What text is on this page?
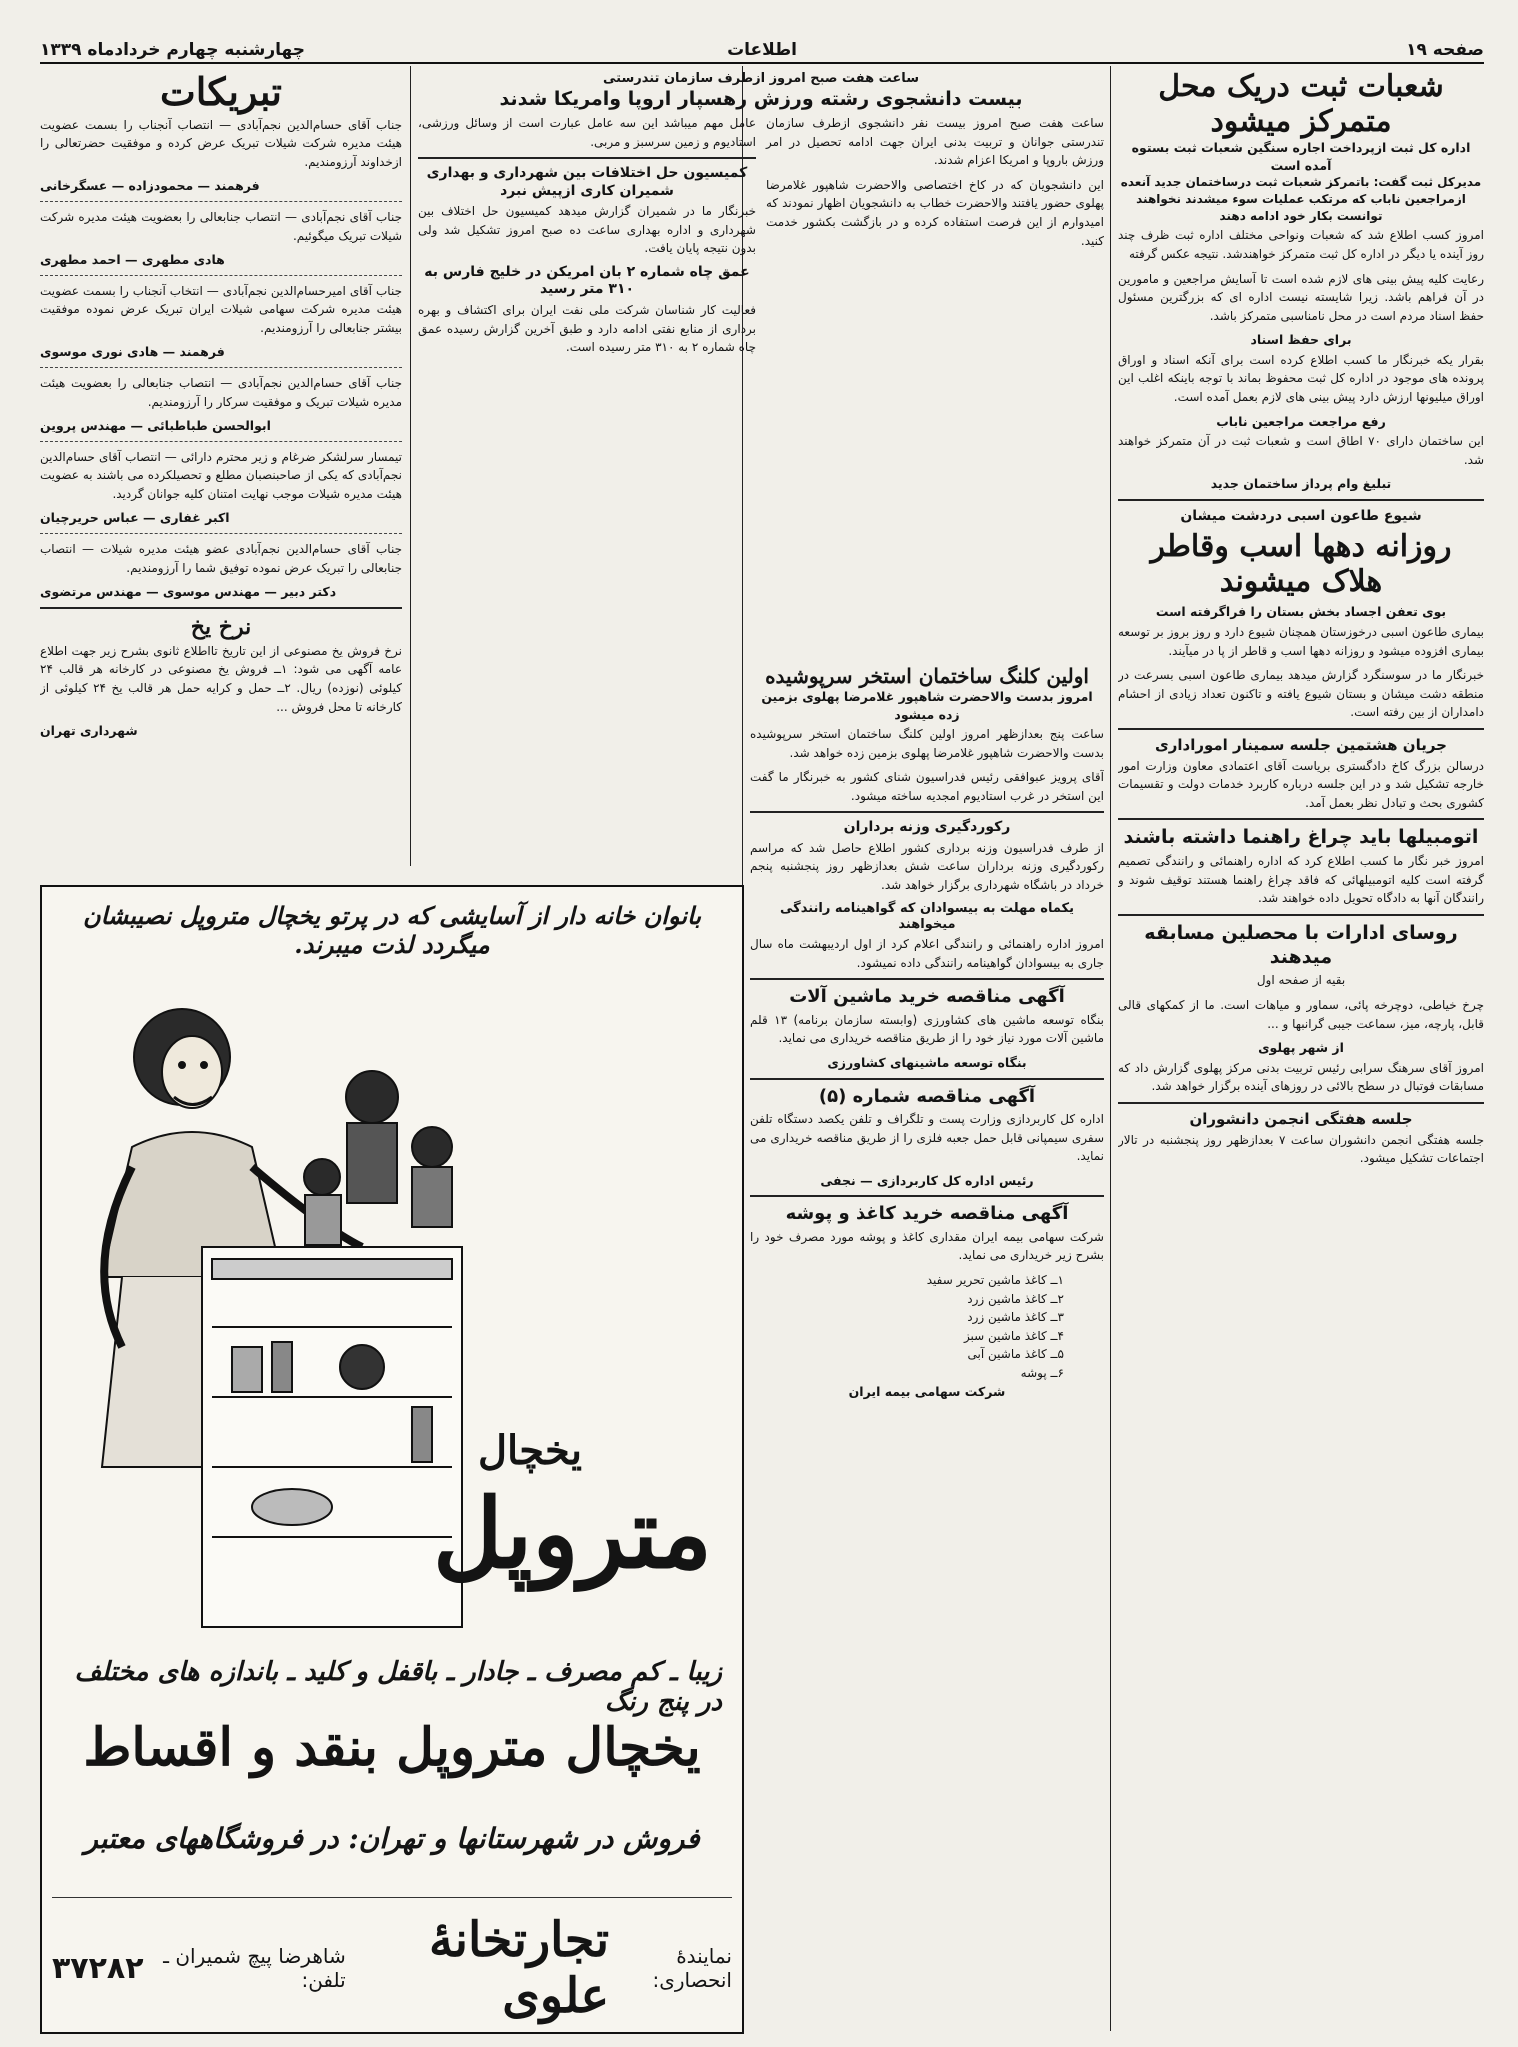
صفحه ۱۹
اطلاعات
چهارشنبه چهارم خردادماه ۱۳۳۹
شعبات ثبت دریک محل متمرکز میشود
اداره کل ثبت ازپرداخت اجاره سنگین شعبات ثبت بستوه آمده است
مدیرکل ثبت گفت: باتمرکز شعبات ثبت درساختمان جدید آنعده ازمراجعین ناباب که مرتکب عملیات سوء میشدند نخواهند توانست بکار خود ادامه دهند
امروز کسب اطلاع شد که شعبات ونواحی مختلف اداره ثبت ظرف چند روز آینده یا دیگر در اداره کل ثبت متمرکز خواهند‌شد. نتیجه عکس گرفته
رعایت کلیه پیش بینی های لازم شده است تا آسایش مراجعین و مامورین در آن فراهم باشد. زیرا شایسته نیست اداره ای که بزرگترین مسئول حفظ اسناد مردم است در محل نامناسبی متمرکز باشد.
برای حفظ اسناد
بقرار یکه خبرنگار ما کسب اطلاع کرده است برای آنکه اسناد و اوراق پرونده های موجود در اداره کل ثبت محفوظ بماند با توجه باینکه اغلب این اوراق میلیونها ارزش دارد پیش بینی های لازم بعمل آمده است.
رفع مراجعت مراجعین ناباب
این ساختمان دارای ۷۰ اطاق است و شعبات ثبت در آن متمرکز خواهند شد.
تبلیغ وام پرداز ساختمان جدید
شیوع طاعون اسبی دردشت میشان
روزانه دهها اسب وقاطر هلاک میشوند
بوی تعفن اجساد بخش بستان را فراگرفته است
بیماری طاعون اسبی درخوزستان همچنان شیوع دارد و روز بروز بر توسعه بیماری افزوده میشود و روزانه دهها اسب و قاطر از پا در میآیند.
خبرنگار ما در سوسنگرد گزارش میدهد بیماری طاعون اسبی بسرعت در منطقه دشت میشان و بستان شیوع یافته و تاکنون تعداد زیادی از احشام دامداران از بین رفته است.
جریان هشتمین جلسه سمینار اموراداری
درسالن بزرگ کاخ دادگستری بریاست آقای اعتمادی معاون وزارت امور خارجه تشکیل شد و در این جلسه درباره کاربرد خدمات دولت و تقسیمات کشوری بحث و تبادل نظر بعمل آمد.
اتومبیلها باید چراغ راهنما داشته باشند
امروز خبر نگار ما کسب اطلاع کرد که اداره راهنمائی و رانندگی تصمیم گرفته است کلیه اتومبیلهائی که فاقد چراغ راهنما هستند توقیف شوند و رانندگان آنها به دادگاه تحویل داده خواهند شد.
روسای ادارات با محصلین مسابقه میدهند
بقیه از صفحه اول
چرخ خیاطی، دوچرخه پائی، سماور و میاهات است. ما از کمکهای قالی قابل، پارچه، میز، سماعت جیبی گرانبها و ...
از شهر پهلوی
امروز آقای سرهنگ سرابی رئیس تربیت بدنی مرکز پهلوی گزارش داد که مسابقات فوتبال در سطح بالائی در روزهای آینده برگزار خواهد شد.
جلسه هفتگی انجمن دانشوران
جلسه هفتگی انجمن دانشوران ساعت ۷ بعدازظهر روز پنجشنبه در تالار اجتماعات تشکیل میشود.
ساعت هفت صبح امروز ازطرف سازمان تندرستی
بیست دانشجوی رشته ورزش رهسپار اروپا وامریکا شدند
ساعت هفت صبح امروز بیست نفر دانشجوی ازطرف سازمان تندرستی جوانان و تربیت بدنی ایران جهت ادامه تحصیل در امر ورزش باروپا و امریکا اعزام شدند.
این دانشجویان که در کاخ اختصاصی والاحضرت شاهپور غلامرضا پهلوی حضور یافتند والاحضرت خطاب به دانشجویان اظهار نمودند که امیدوارم از این فرصت استفاده کرده و در بازگشت بکشور خدمت کنید.
عامل مهم میباشد این سه عامل عبارت است از وسائل ورزشی، استادیوم و زمین سرسبز و مربی.
کمیسیون حل اختلافات بین شهرداری و بهداری شمیران کاری ازپیش نبرد
خبرنگار ما در شمیران گزارش میدهد کمیسیون حل اختلاف بین شهرداری و اداره بهداری ساعت ده صبح امروز تشکیل شد ولی بدون نتیجه پایان یافت.
عمق چاه شماره ۲ بان امریکن در خلیج فارس به ۳۱۰ متر رسید
فعالیت کار شناسان شرکت ملی نفت ایران برای اکتشاف و بهره برداری از منابع نفتی ادامه دارد و طبق آخرین گزارش رسیده عمق چاه شماره ۲ به ۳۱۰ متر رسیده است.
اولین کلنگ ساختمان استخر سرپوشیده
امروز بدست والاحضرت شاهپور غلامرضا پهلوی بزمین زده میشود
ساعت پنج بعدازظهر امروز اولین کلنگ ساختمان استخر سرپوشیده بدست والاحضرت شاهپور غلامرضا پهلوی بزمین زده خواهد شد.
آقای پرویز عبوافقی رئیس فدراسیون شنای کشور به خبرنگار ما گفت این استخر در غرب استادیوم امجدیه ساخته میشود.
رکوردگیری وزنه برداران
از طرف فدراسیون وزنه برداری کشور اطلاع حاصل شد که مراسم رکوردگیری وزنه برداران ساعت شش بعدازظهر روز پنجشنبه پنجم خرداد در باشگاه شهرداری برگزار خواهد شد.
یکماه مهلت به بیسوادان که گواهینامه رانندگی میخواهند
امروز اداره راهنمائی و رانندگی اعلام کرد از اول اردیبهشت ماه سال جاری به بیسوادان گواهینامه رانندگی داده نمیشود.
آگهی مناقصه خرید ماشین آلات
بنگاه توسعه ماشین های کشاورزی (وابسته سازمان برنامه) ۱۳ قلم ماشین آلات مورد نیاز خود را از طریق مناقصه خریداری می نماید.
بنگاه توسعه ماشینهای کشاورزی
آگهی مناقصه شماره (۵)
اداره کل کاربردازی وزارت پست و تلگراف و تلفن یکصد دستگاه تلفن سفری سیمپانی قابل حمل جعبه فلزی را از طریق مناقصه خریداری می نماید.
رئیس اداره کل کاربردازی — نجفی
آگهی مناقصه خرید کاغذ و پوشه
شرکت سهامی بیمه ایران مقداری کاغذ و پوشه مورد مصرف خود را بشرح زیر خریداری می نماید.
۱ــ کاغذ ماشین تحریر سفید
۲ــ کاغذ ماشین زرد
۳ــ کاغذ ماشین زرد
۴ــ کاغذ ماشین سبز
۵ــ کاغذ ماشین آبی
۶ــ پوشه
شرکت سهامی بیمه ایران
تبریکات
جناب آقای حسام‌الدین نجم‌آبادی — انتصاب آنجناب را بسمت عضویت هیئت مدیره شرکت شیلات تبریک عرض کرده و موفقیت حضرتعالی را ازخداوند آرزومندیم.
فرهمند — محمودزاده — عسگرخانی
جناب آقای نجم‌آبادی — انتصاب جنابعالی را بعضویت هیئت مدیره شرکت شیلات تبریک میگوئیم.
هادی مطهری — احمد مطهری
جناب آقای امیرحسام‌الدین نجم‌آبادی — انتخاب آنجناب را بسمت عضویت هیئت مدیره شرکت سهامی شیلات ایران تبریک عرض نموده موفقیت بیشتر جنابعالی را آرزومندیم.
فرهمند — هادی نوری موسوی
جناب آقای حسام‌الدین نجم‌آبادی — انتصاب جنابعالی را بعضویت هیئت مدیره شیلات تبریک و موفقیت سرکار را آرزومندیم.
ابوالحسن طباطبائی — مهندس پروین
تیمسار سرلشکر ضرغام و زیر محترم دارائی — انتصاب آقای حسام‌الدین نجم‌آبادی که یکی از صاحبنصبان مطلع و تحصیلکرده می باشند به عضویت هیئت مدیره شیلات موجب نهایت امتنان کلیه جوانان گردید.
اکبر غفاری — عباس حریرچیان
جناب آقای حسام‌الدین نجم‌آبادی عضو هیئت مدیره شیلات — انتصاب جنابعالی را تبریک عرض نموده توفیق شما را آرزومندیم.
دکتر دبیر — مهندس موسوی — مهندس مرتضوی
نرخ یخ
نرخ فروش یخ مصنوعی از این تاریخ تااطلاع ثانوی بشرح زیر جهت اطلاع عامه آگهی می شود: ۱ــ فروش یخ مصنوعی در کارخانه هر قالب ۲۴ کیلوئی (نوزده) ریال. ۲ــ حمل و کرایه حمل هر قالب یخ ۲۴ کیلوئی از کارخانه تا محل فروش ...
شهرداری تهران
بانوان خانه دار از آسایشی که در پرتو یخچال متروپل نصیبشان میگردد لذت میبرند.
یخچال
متروپل
زیبا ـ کم مصرف ـ جادار ـ باقفل و کلید ـ باندازه های مختلف در پنج رنگ
یخچال متروپل بنقد و اقساط
فروش در شهرستانها و تهران: در فروشگاههای معتبر
نمایندهٔ انحصاری:
تجارتخانهٔ علوی
شاهرضا پیچ شمیران ـ تلفن:
۳۷۲۸۲
